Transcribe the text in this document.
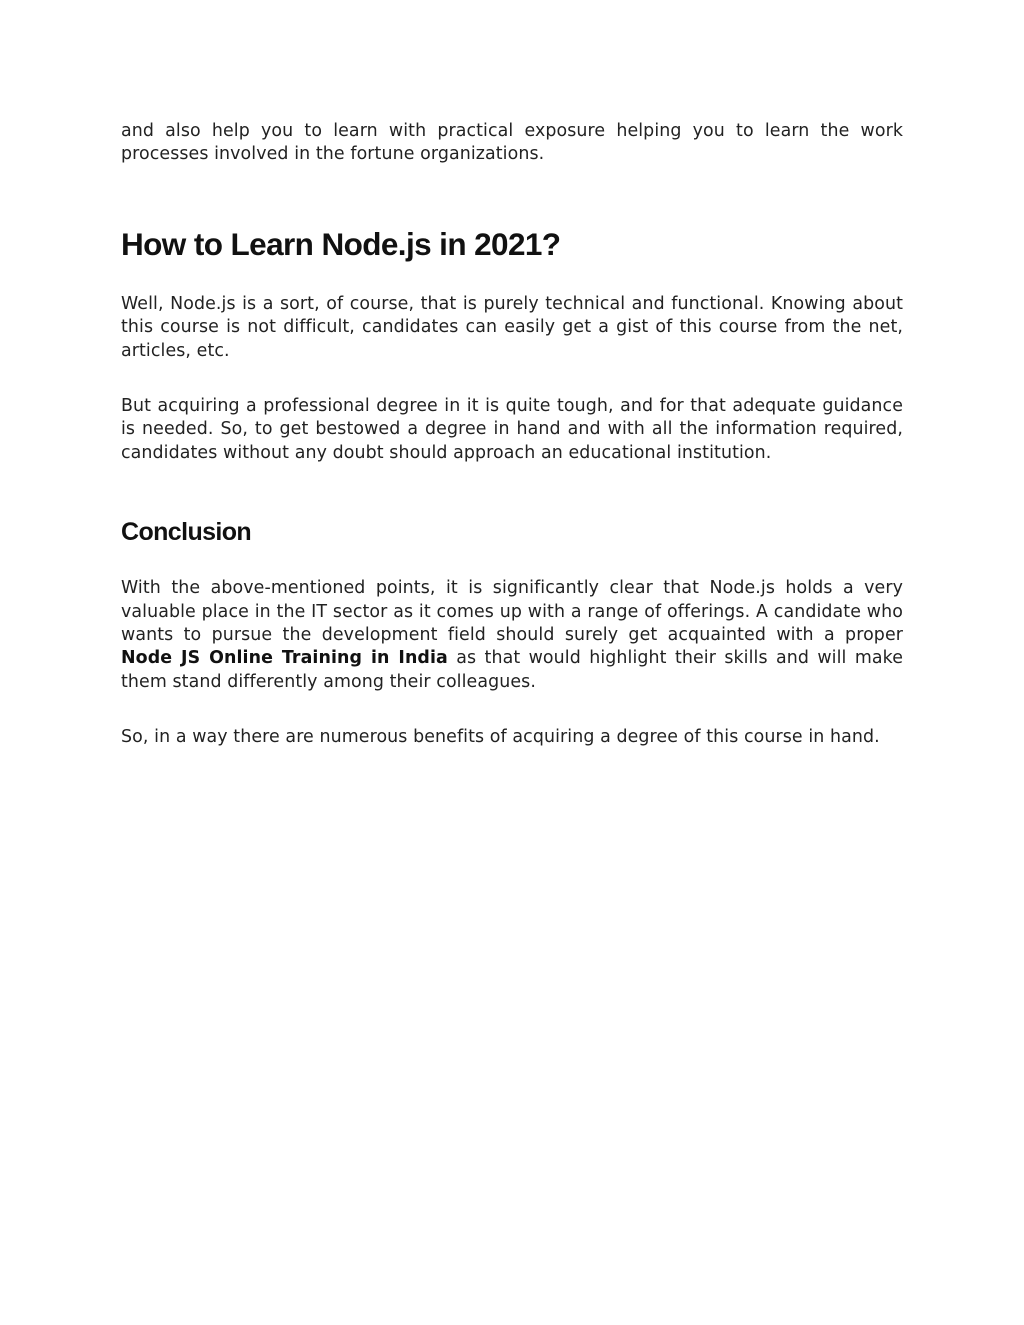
and also help you to learn with practical exposure helping you to learn the work processes involved in the fortune organizations.

How to Learn Node.js in 2021?

Well, Node.js is a sort, of course, that is purely technical and functional. Knowing about this course is not difficult, candidates can easily get a gist of this course from the net, articles, etc.

But acquiring a professional degree in it is quite tough, and for that adequate guidance is needed. So, to get bestowed a degree in hand and with all the information required, candidates without any doubt should approach an educational institution.

Conclusion

With the above-mentioned points, it is significantly clear that Node.js holds a very valuable place in the IT sector as it comes up with a range of offerings. A candidate who wants to pursue the development field should surely get acquainted with a proper Node JS Online Training in India as that would highlight their skills and will make them stand differently among their colleagues.

So, in a way there are numerous benefits of acquiring a degree of this course in hand.
